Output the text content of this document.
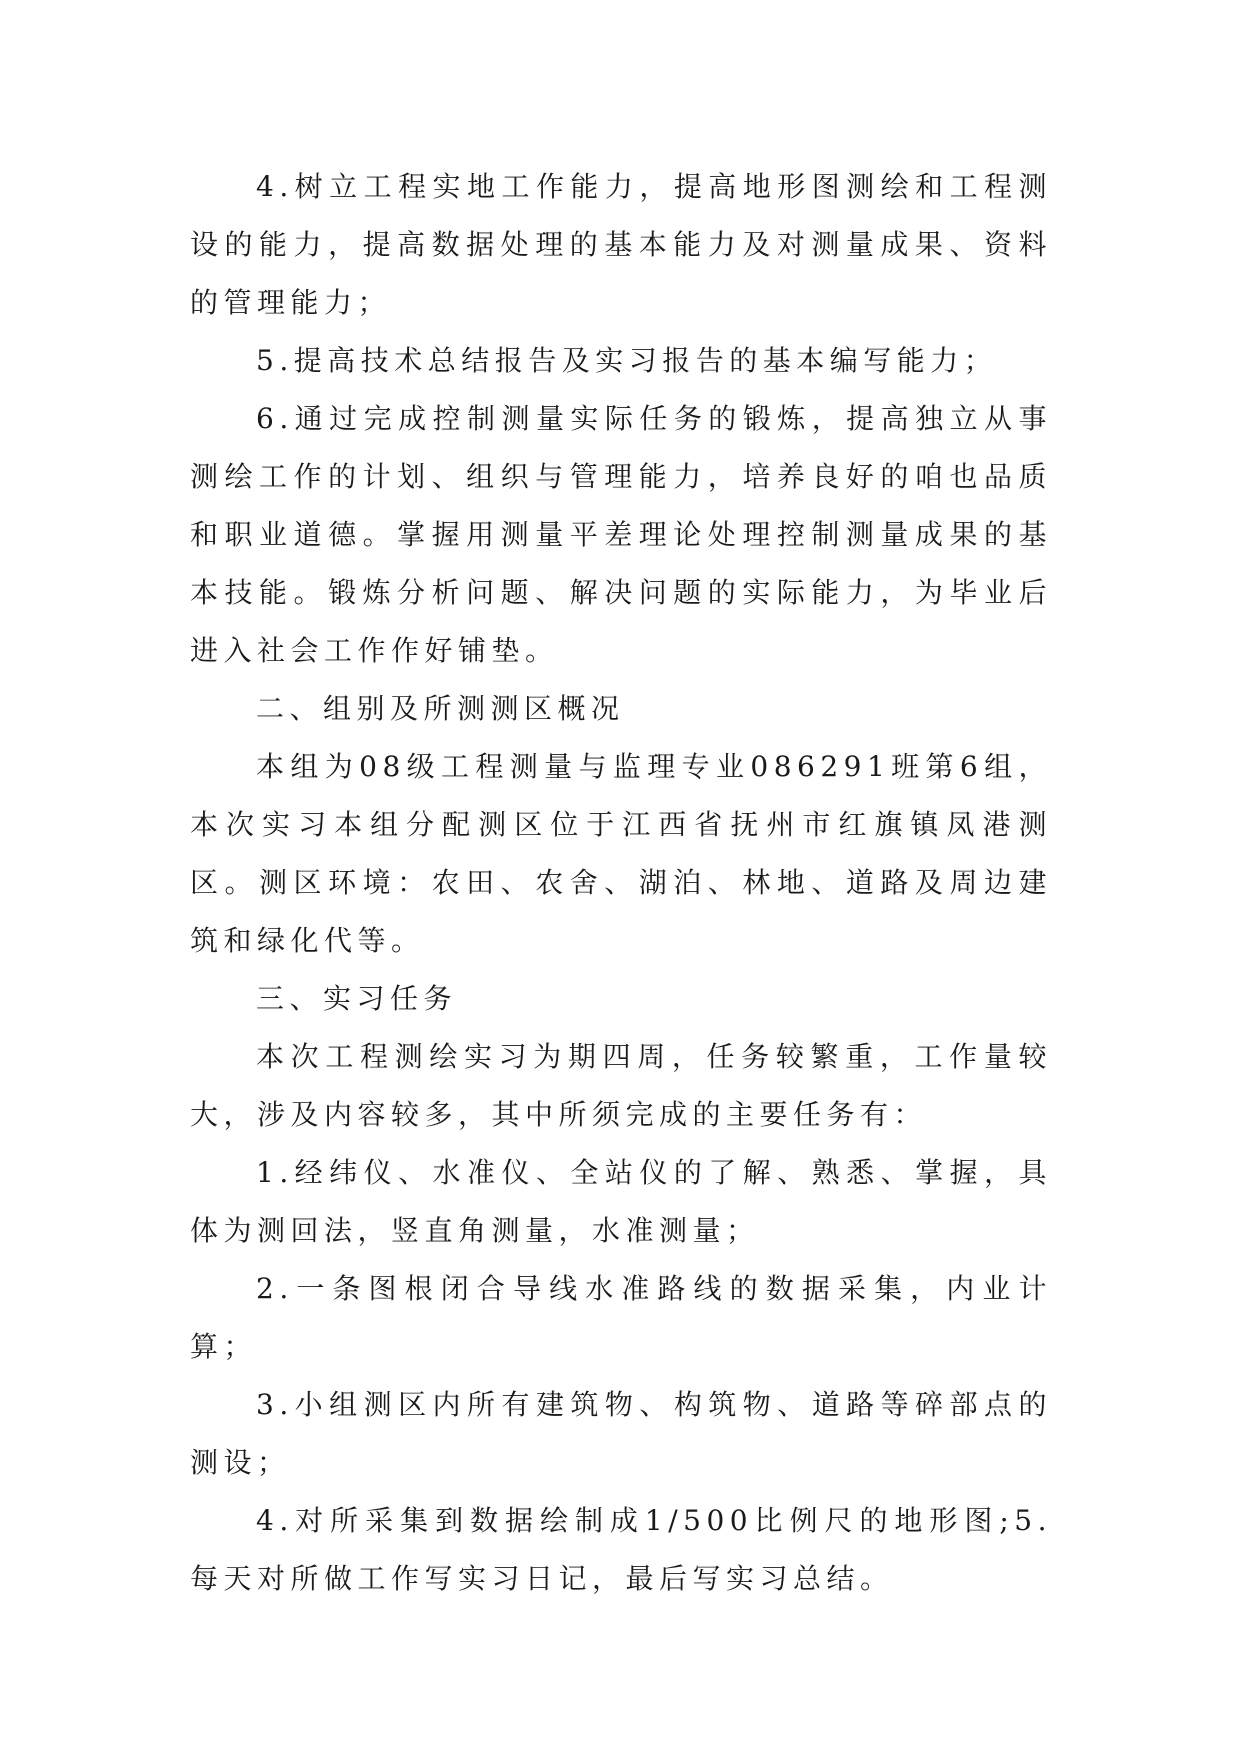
4.树立工程实地工作能力，提高地形图测绘和工程测设的能力，提高数据处理的基本能力及对测量成果、资料的管理能力；

5.提高技术总结报告及实习报告的基本编写能力；

6.通过完成控制测量实际任务的锻炼，提高独立从事测绘工作的计划、组织与管理能力，培养良好的咱也品质和职业道德。掌握用测量平差理论处理控制测量成果的基本技能。锻炼分析问题、解决问题的实际能力，为毕业后进入社会工作作好铺垫。

二、组别及所测测区概况

本组为08级工程测量与监理专业086291班第6组，本次实习本组分配测区位于江西省抚州市红旗镇凤港测区。测区环境：农田、农舍、湖泊、林地、道路及周边建筑和绿化代等。

三、实习任务

本次工程测绘实习为期四周，任务较繁重，工作量较大，涉及内容较多，其中所须完成的主要任务有：

1.经纬仪、水准仪、全站仪的了解、熟悉、掌握，具体为测回法，竖直角测量，水准测量；

2.一条图根闭合导线水准路线的数据采集，内业计算；

3.小组测区内所有建筑物、构筑物、道路等碎部点的测设；

4.对所采集到数据绘制成1/500比例尺的地形图;5.每天对所做工作写实习日记，最后写实习总结。
